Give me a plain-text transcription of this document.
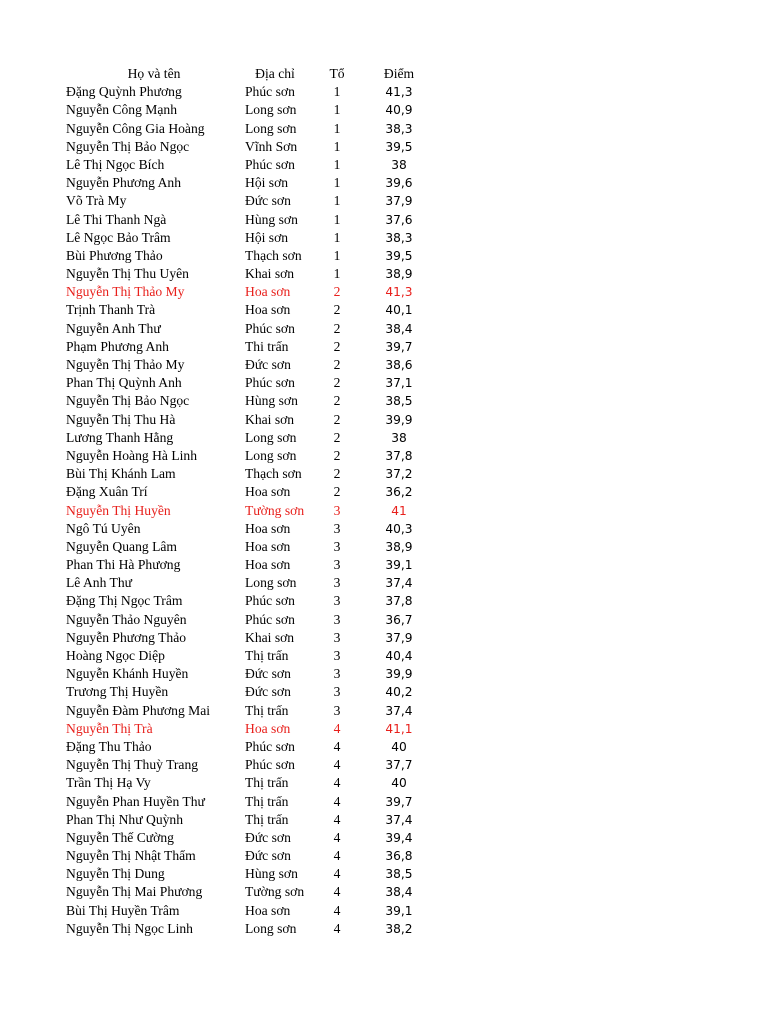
Họ và tên	Địa chỉ	Tổ	Điểm
Đặng Quỳnh Phương	Phúc sơn	1	41,3
Nguyễn Công Mạnh	Long sơn	1	40,9
Nguyễn Công Gia Hoàng	Long sơn	1	38,3
Nguyễn Thị Bảo Ngọc	Vĩnh Sơn	1	39,5
Lê Thị Ngọc Bích	Phúc sơn	1	38
Nguyễn Phương Anh	Hội sơn	1	39,6
Võ Trà My	Đức sơn	1	37,9
Lê Thi Thanh Ngà	Hùng sơn	1	37,6
Lê Ngọc Bảo Trâm	Hội sơn	1	38,3
Bùi Phương Thảo	Thạch sơn	1	39,5
Nguyễn Thị Thu Uyên	Khai sơn	1	38,9
Nguyễn Thị Thảo My	Hoa sơn	2	41,3
Trịnh Thanh Trà	Hoa sơn	2	40,1
Nguyễn Anh Thư	Phúc sơn	2	38,4
Phạm Phương Anh	Thi trấn	2	39,7
Nguyễn Thị Thảo My	Đức sơn	2	38,6
Phan Thị Quỳnh Anh	Phúc sơn	2	37,1
Nguyễn Thị Bảo Ngọc	Hùng sơn	2	38,5
Nguyễn Thị Thu Hà	Khai sơn	2	39,9
Lương Thanh Hằng	Long sơn	2	38
Nguyễn Hoàng Hà Linh	Long sơn	2	37,8
Bùi Thị Khánh Lam	Thạch sơn	2	37,2
Đặng Xuân Trí	Hoa sơn	2	36,2
Nguyễn Thị Huyền	Tường sơn	3	41
Ngô Tú Uyên	Hoa sơn	3	40,3
Nguyễn Quang Lâm	Hoa sơn	3	38,9
Phan Thi Hà Phương	Hoa sơn	3	39,1
Lê Anh Thư	Long sơn	3	37,4
Đặng Thị Ngọc Trâm	Phúc sơn	3	37,8
Nguyễn Thảo Nguyên	Phúc sơn	3	36,7
Nguyễn Phương Thảo	Khai sơn	3	37,9
Hoàng Ngọc Diệp	Thị trấn	3	40,4
Nguyễn Khánh Huyền	Đức sơn	3	39,9
Trương Thị Huyền	Đức sơn	3	40,2
Nguyễn Đàm Phương Mai	Thị trấn	3	37,4
Nguyễn Thị Trà	Hoa sơn	4	41,1
Đặng Thu Thảo	Phúc sơn	4	40
Nguyễn Thị Thuỳ Trang	Phúc sơn	4	37,7
Trần Thị Hạ Vy	Thị trấn	4	40
Nguyễn Phan Huyền Thư	Thị trấn	4	39,7
Phan Thị Như Quỳnh	Thị trấn	4	37,4
Nguyễn Thế Cường	Đức sơn	4	39,4
Nguyễn Thị Nhật Thẩm	Đức sơn	4	36,8
Nguyễn Thị Dung	Hùng sơn	4	38,5
Nguyễn Thị Mai Phương	Tường sơn	4	38,4
Bùi Thị Huyền Trâm	Hoa sơn	4	39,1
Nguyễn Thị Ngọc Linh	Long sơn	4	38,2
